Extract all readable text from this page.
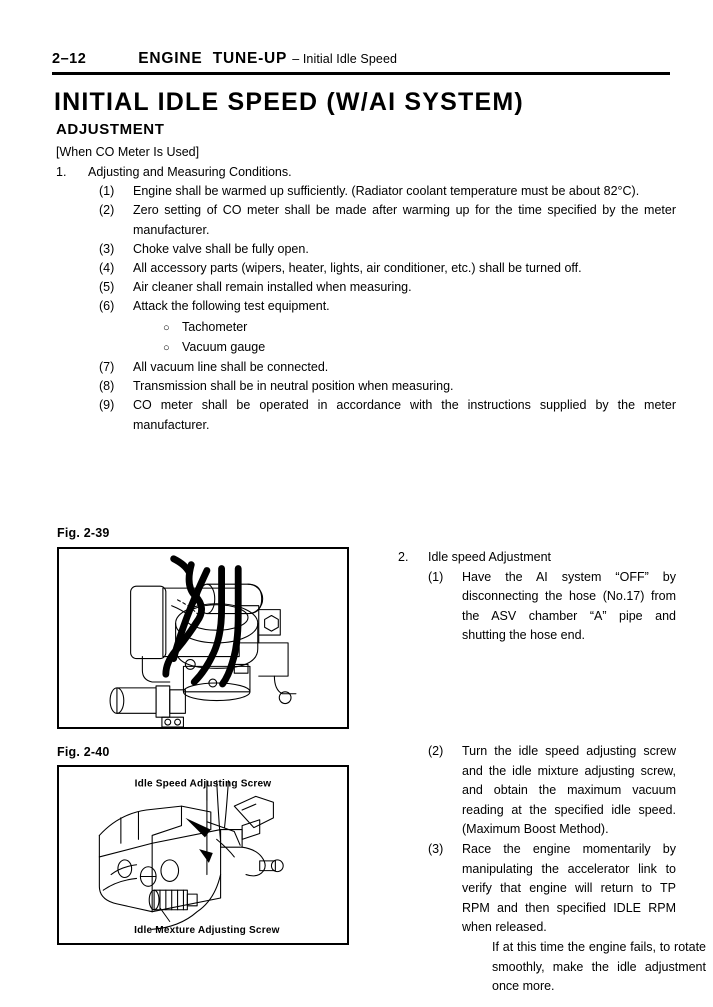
2–12	ENGINE  TUNE-UP – Initial Idle Speed
INITIAL IDLE SPEED (W/AI SYSTEM)
ADJUSTMENT
[When CO Meter Is Used]
1.	Adjusting and Measuring Conditions.
(1)	Engine shall be warmed up sufficiently. (Radiator coolant temperature must be about 82°C).
(2)	Zero setting of CO meter shall be made after warming up for the time specified by the meter manufacturer.
(3)	Choke valve shall be fully open.
(4)	All accessory parts (wipers, heater, lights, air conditioner, etc.) shall be turned off.
(5)	Air cleaner shall remain installed when measuring.
(6)	Attack the following test equipment.
○ Tachometer
○ Vacuum gauge
(7)	All vacuum line shall be connected.
(8)	Transmission shall be in neutral position when measuring.
(9)	CO meter shall be operated in accordance with the instructions supplied by the meter manufacturer.
Fig. 2-39
Fig. 2-40
Idle Speed Adjusting Screw
Idle Mexture Adjusting Screw
2.	Idle speed Adjustment
(1)	Have the AI system “OFF” by disconnecting the hose (No.17) from the ASV chamber “A” pipe and shutting the hose end.
(2)	Turn the idle speed adjusting screw and the idle mixture adjusting screw, and obtain the maximum vacuum reading at the specified idle speed. (Maximum Boost Method).
(3)	Race the engine momentarily by manipulating the accelerator link to verify that engine will return to TP RPM and then specified IDLE RPM when released.
If at this time the engine fails, to rotate smoothly, make the idle adjustment once more.
